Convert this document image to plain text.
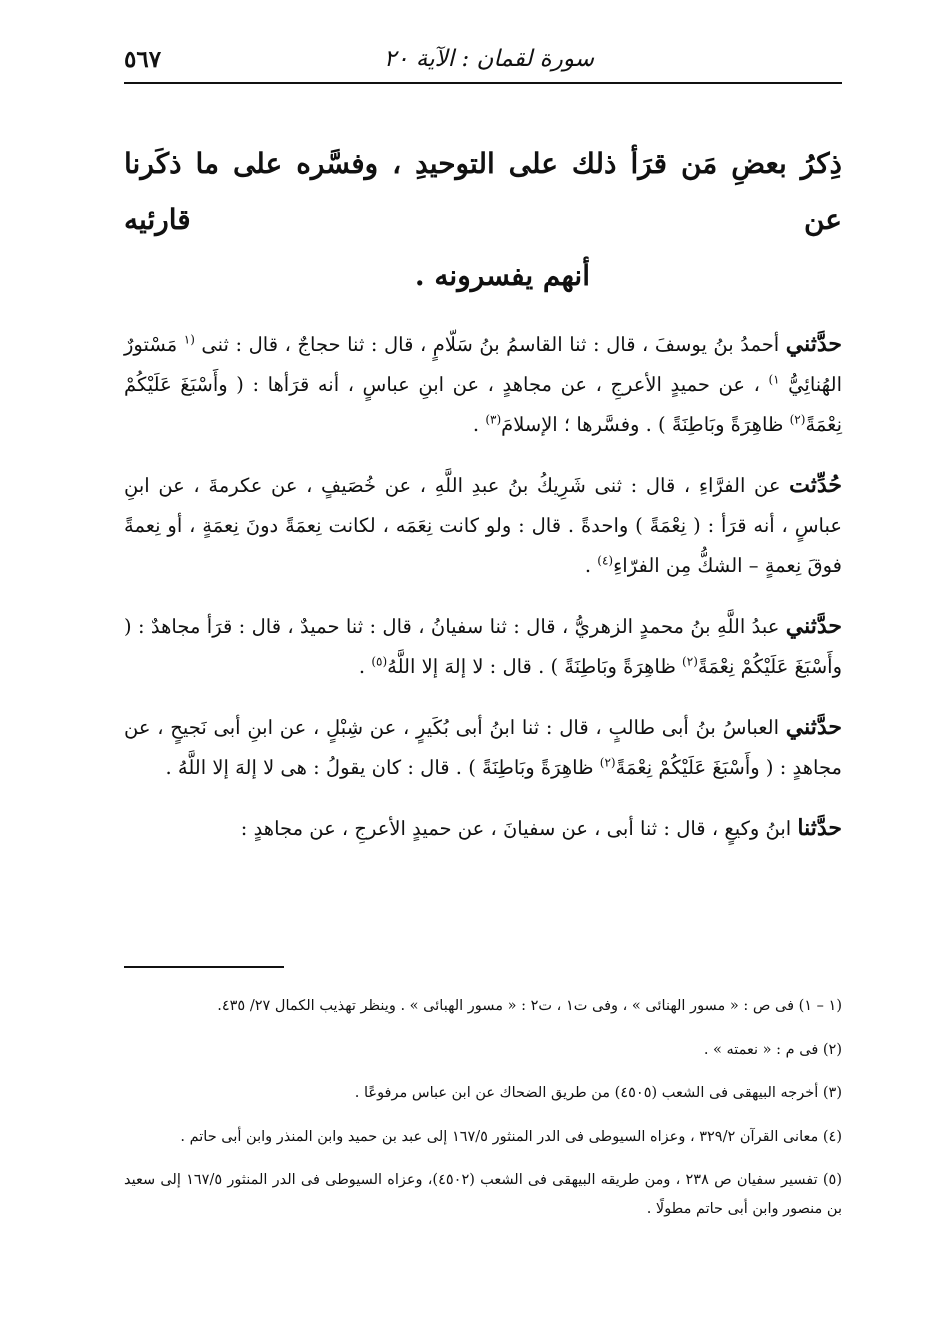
سورة لقمان : الآية ٢٠
٥٦٧
ذِكرُ بعضِ مَن قرَأ ذلك على التوحيدِ ، وفسَّره على ما ذكَرنا عن قارئيه
أنهم يفسرونه .

حدَّثني أحمدُ بنُ يوسفَ ، قال : ثنا القاسمُ بنُ سَلّامٍ ، قال : ثنا حجاجٌ ، قال : ثنى $^{(١}$ مَسْتورٌ الهُنائِيُّ $^{١)}$ ، عن حميدٍ الأعرجِ ، عن مجاهدٍ ، عن ابنِ عباسٍ ، أنه قرَأها : ( وأَسْبَغَ عَلَيْكُمْ نِعْمَةً$^{(٢)}$ ظاهِرَةً وبَاطِنَةً ) . وفسَّرها ؛ الإسلامَ$^{(٣)}$ .

حُدِّثت عن الفرَّاءِ ، قال : ثنى شَرِيكُ بنُ عبدِ اللَّهِ ، عن خُصَيفٍ ، عن عكرمةَ ، عن ابنِ عباسٍ ، أنه قرَأ : ( نِعْمَةً ) واحدةً . قال : ولو كانت نِعَمَه ، لكانت نِعمَةً دونَ نِعمَةٍ ، أو نِعمةً فوقَ نِعمةٍ – الشكُّ مِن الفرّاءِ$^{(٤)}$ .

حدَّثني عبدُ اللَّهِ بنُ محمدٍ الزهريُّ ، قال : ثنا سفيانُ ، قال : ثنا حميدٌ ، قال : قرَأ مجاهدٌ : ( وأَسْبَغَ عَلَيْكُمْ نِعْمَةً$^{(٢)}$ ظاهِرَةً وبَاطِنَةً ) . قال : لا إلهَ إلا اللَّهُ$^{(٥)}$ .

حدَّثني العباسُ بنُ أبى طالبٍ ، قال : ثنا ابنُ أبى بُكَيرٍ ، عن شِبْلٍ ، عن ابنِ أبى نَجيحٍ ، عن مجاهدٍ : ( وأَسْبَغَ عَلَيْكُمْ نِعْمَةً$^{(٢)}$ ظاهِرَةً وبَاطِنَةً ) . قال : كان يقولُ : هى لا إلهَ إلا اللَّهُ .

حدَّثنا ابنُ وكيعٍ ، قال : ثنا أبى ، عن سفيانَ ، عن حميدٍ الأعرجِ ، عن مجاهدٍ :

(١ – ١) فى ص : « مسور الهنائى » ، وفى ت١ ، ت٢ : « مسور الهبائى » . وينظر تهذيب الكمال ٢٧/ ٤٣٥.

(٢) فى م : « نعمته » .

(٣) أخرجه البيهقى فى الشعب (٤٥٠٥) من طريق الضحاك عن ابن عباس مرفوعًا .

(٤) معانى القرآن ٣٢٩/٢ ، وعزاه السيوطى فى الدر المنثور ١٦٧/٥ إلى عبد بن حميد وابن المنذر وابن أبى حاتم .

(٥) تفسير سفيان ص ٢٣٨ ، ومن طريقه البيهقى فى الشعب (٤٥٠٢)، وعزاه السيوطى فى الدر المنثور ١٦٧/٥ إلى سعيد بن منصور وابن أبى حاتم مطولًا .
